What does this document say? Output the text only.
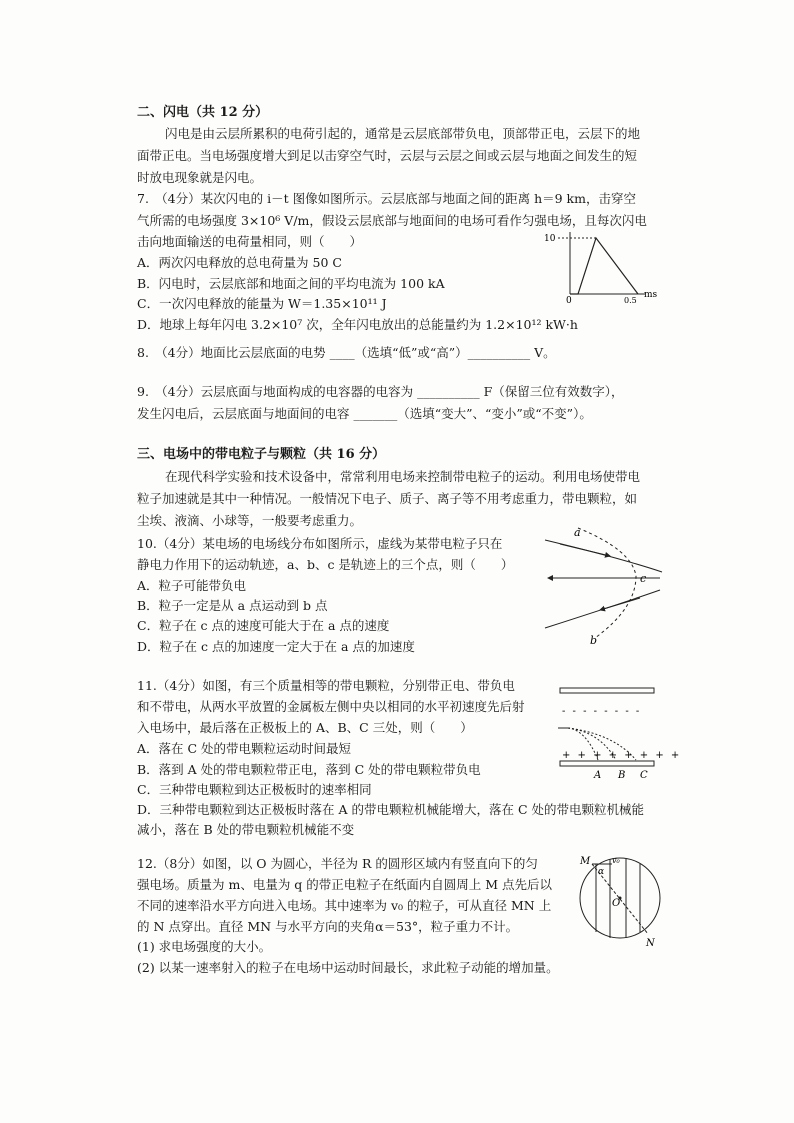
二、闪电（共 12 分）
闪电是由云层所累积的电荷引起的，通常是云层底部带负电，顶部带正电，云层下的地
面带正电。当电场强度增大到足以击穿空气时，云层与云层之间或云层与地面之间发生的短
时放电现象就是闪电。
7.　（4分）某次闪电的 i－t 图像如图所示。云层底部与地面之间的距离 h＝9 km，击穿空
气所需的电场强度 3×10⁶ V/m，假设云层底部与地面间的电场可看作匀强电场，且每次闪电
击向地面输送的电荷量相同，则（　　）
A．两次闪电释放的总电荷量为 50 C
B．闪电时，云层底部和地面之间的平均电流为 100 kA
C．一次闪电释放的能量为 W＝1.35×10¹¹ J
D．地球上每年闪电 3.2×10⁷ 次，全年闪电放出的总能量约为 1.2×10¹² kW·h
10
0	0.5
ms
8.　（4分）地面比云层底面的电势 ____（选填“低”或“高”）__________ V。
9.　（4分）云层底面与地面构成的电容器的电容为 __________ F（保留三位有效数字），
发生闪电后，云层底面与地面间的电容 _______（选填“变大”、“变小”或“不变”）。
三、电场中的带电粒子与颗粒（共 16 分）
在现代科学实验和技术设备中，常常利用电场来控制带电粒子的运动。利用电场使带电
粒子加速就是其中一种情况。一般情况下电子、质子、离子等不用考虑重力，带电颗粒，如
尘埃、液滴、小球等，一般要考虑重力。
10.（4分）某电场的电场线分布如图所示，虚线为某带电粒子只在
静电力作用下的运动轨迹，a、b、c 是轨迹上的三个点，则（　　）
A．粒子可能带负电
B．粒子一定是从 a 点运动到 b 点
C．粒子在 c 点的速度可能大于在 a 点的速度
D．粒子在 c 点的加速度一定大于在 a 点的加速度
a
c
b
11.（4分）如图，有三个质量相等的带电颗粒，分别带正电、带负电
和不带电，从两水平放置的金属板左侧中央以相同的水平初速度先后射
入电场中，最后落在正极板上的 A、B、C 三处，则（　　）
A．落在 C 处的带电颗粒运动时间最短
B．落到 A 处的带电颗粒带正电，落到 C 处的带电颗粒带负电
C．三种带电颗粒到达正极板时的速率相同
D．三种带电颗粒到达正极板时落在 A 的带电颗粒机械能增大，落在 C 处的带电颗粒机械能
减小，落在 B 处的带电颗粒机械能不变
- - - - - - - -
+ + + + + + + +
A B C
12.（8分）如图，以 O 为圆心，半径为 R 的圆形区域内有竖直向下的匀
强电场。质量为 m、电量为 q 的带正电粒子在纸面内自圆周上 M 点先后以
不同的速率沿水平方向进入电场。其中速率为 v₀ 的粒子，可从直径 MN 上
的 N 点穿出。直径 MN 与水平方向的夹角α＝53°，粒子重力不计。
(1) 求电场强度的大小。
(2) 以某一速率射入的粒子在电场中运动时间最长，求此粒子动能的增加量。
M	v₀
α
O
N
